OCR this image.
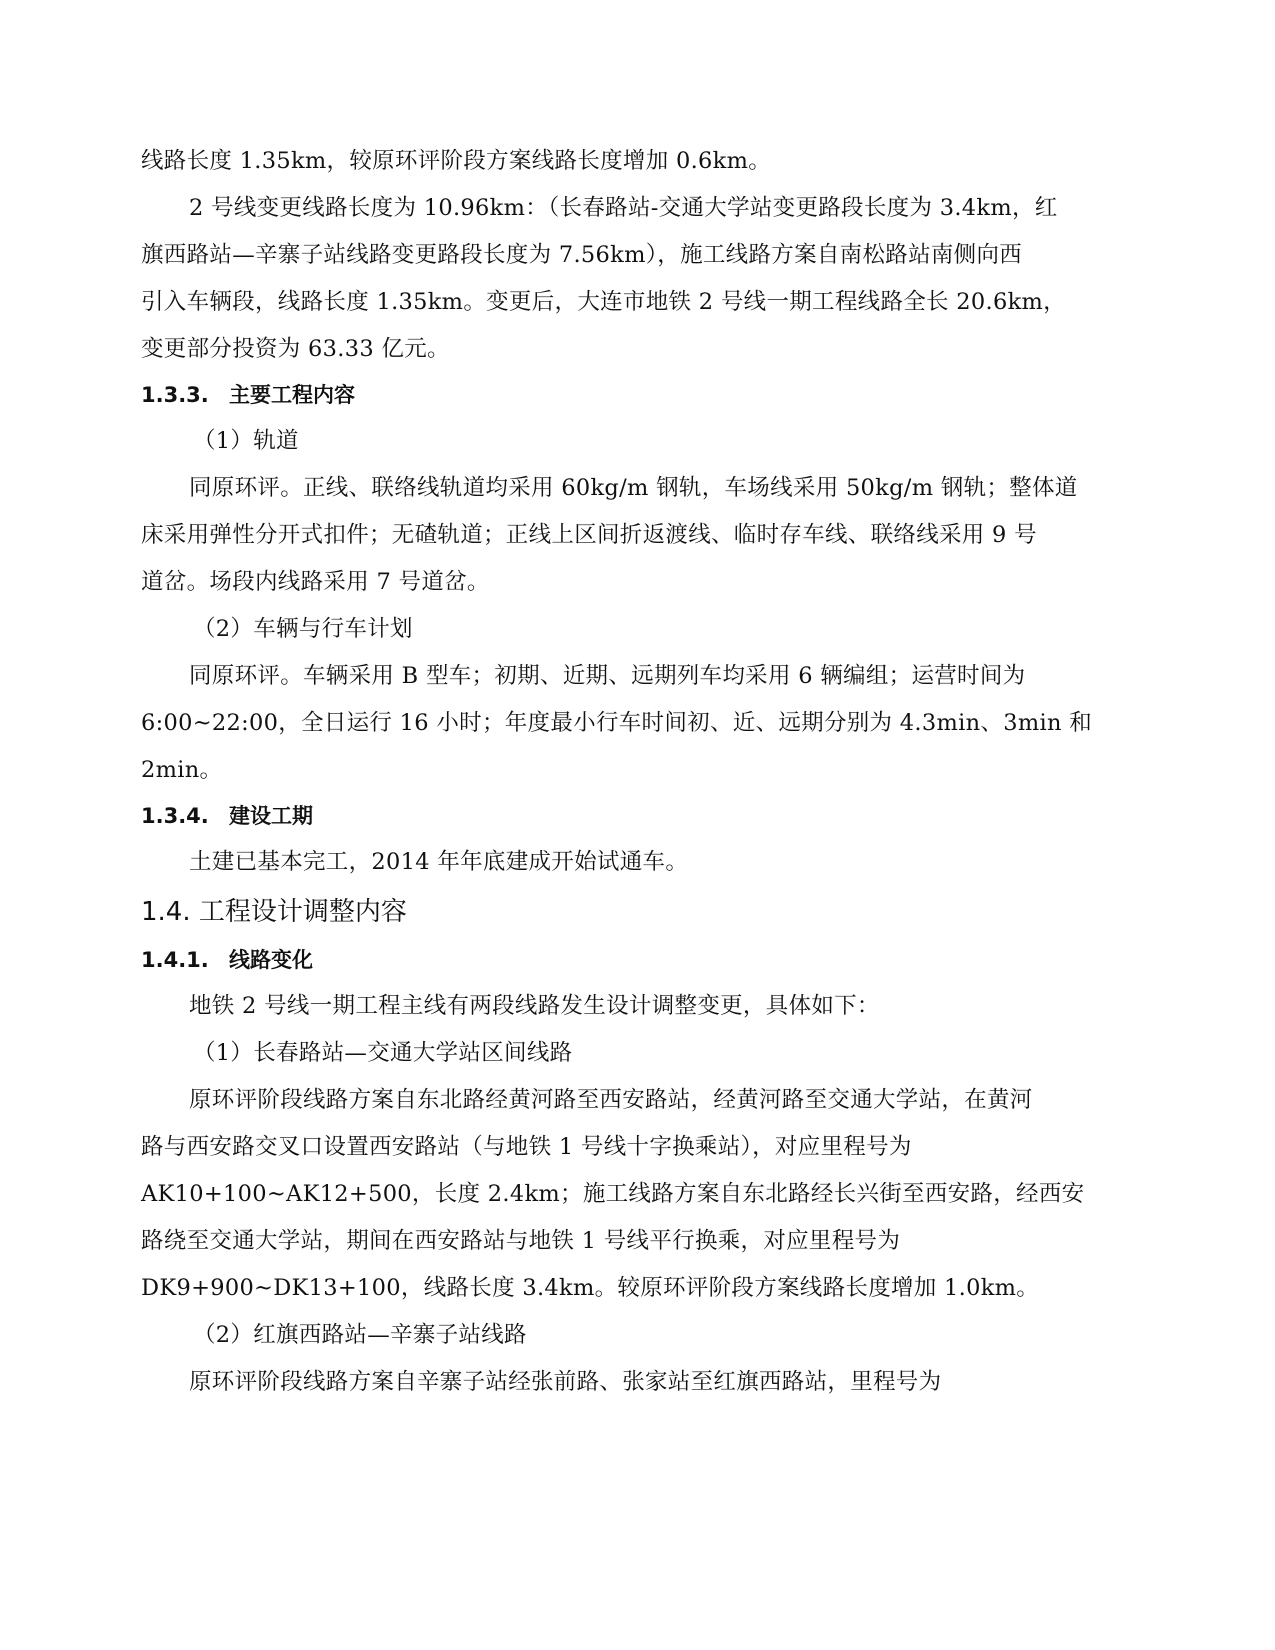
线路长度 1.35km，较原环评阶段方案线路长度增加 0.6km。
2 号线变更线路长度为 10.96km：（长春路站-交通大学站变更路段长度为 3.4km，红
旗西路站—辛寨子站线路变更路段长度为 7.56km），施工线路方案自南松路站南侧向西
引入车辆段，线路长度 1.35km。变更后，大连市地铁 2 号线一期工程线路全长 20.6km，
变更部分投资为 63.33 亿元。
1.3.3. 主要工程内容
（1）轨道
同原环评。正线、联络线轨道均采用 60kg/m 钢轨，车场线采用 50kg/m 钢轨；整体道
床采用弹性分开式扣件；无碴轨道；正线上区间折返渡线、临时存车线、联络线采用 9 号
道岔。场段内线路采用 7 号道岔。
（2）车辆与行车计划
同原环评。车辆采用 B 型车；初期、近期、远期列车均采用 6 辆编组；运营时间为
6:00~22:00，全日运行 16 小时；年度最小行车时间初、近、远期分别为 4.3min、3min 和
2min。
1.3.4. 建设工期
土建已基本完工，2014 年年底建成开始试通车。
1.4. 工程设计调整内容
1.4.1. 线路变化
地铁 2 号线一期工程主线有两段线路发生设计调整变更，具体如下：
（1）长春路站—交通大学站区间线路
原环评阶段线路方案自东北路经黄河路至西安路站，经黄河路至交通大学站，在黄河
路与西安路交叉口设置西安路站（与地铁 1 号线十字换乘站），对应里程号为
AK10+100~AK12+500，长度 2.4km；施工线路方案自东北路经长兴街至西安路，经西安
路绕至交通大学站，期间在西安路站与地铁 1 号线平行换乘，对应里程号为
DK9+900~DK13+100，线路长度 3.4km。较原环评阶段方案线路长度增加 1.0km。
（2）红旗西路站—辛寨子站线路
原环评阶段线路方案自辛寨子站经张前路、张家站至红旗西路站，里程号为
